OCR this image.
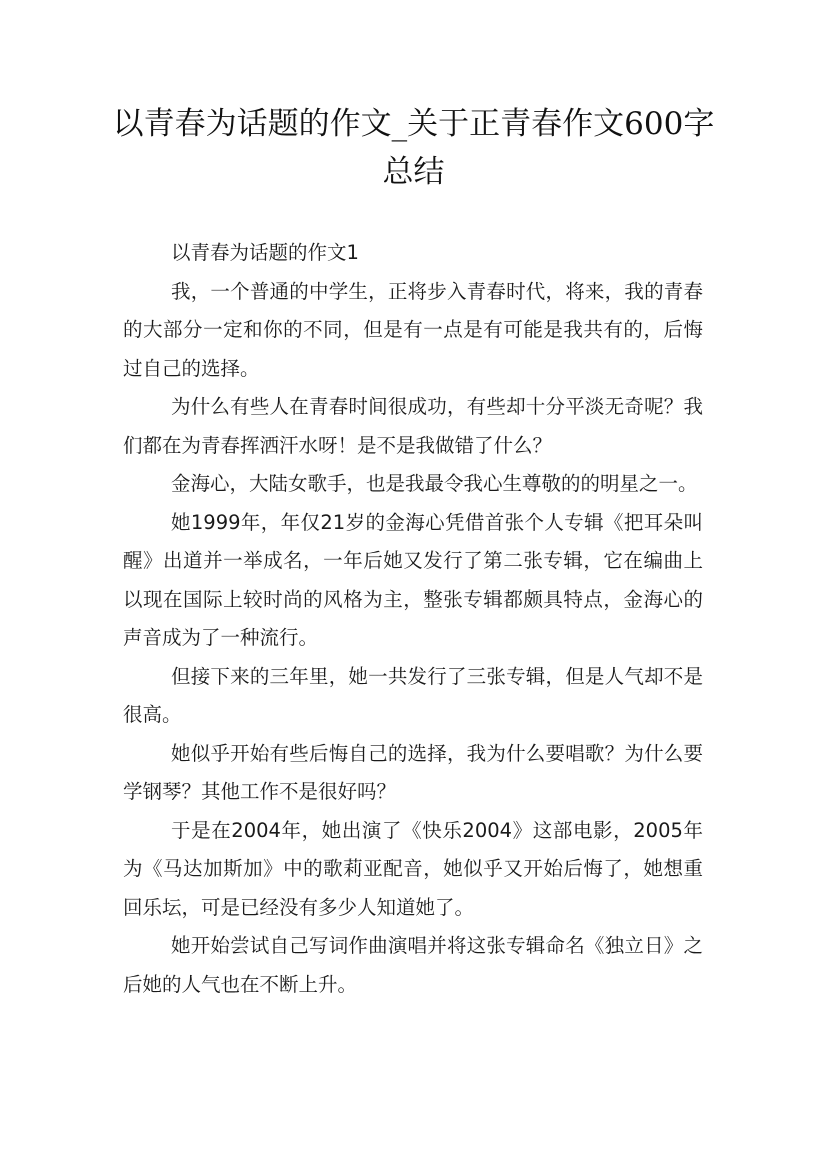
以青春为话题的作文_关于正青春作文600字总结

以青春为话题的作文1

我，一个普通的中学生，正将步入青春时代，将来，我的青春的大部分一定和你的不同，但是有一点是有可能是我共有的，后悔过自己的选择。

为什么有些人在青春时间很成功，有些却十分平淡无奇呢？我们都在为青春挥洒汗水呀！是不是我做错了什么？

金海心，大陆女歌手，也是我最令我心生尊敬的的明星之一。

她1999年，年仅21岁的金海心凭借首张个人专辑《把耳朵叫醒》出道并一举成名，一年后她又发行了第二张专辑，它在编曲上以现在国际上较时尚的风格为主，整张专辑都颇具特点，金海心的声音成为了一种流行。

但接下来的三年里，她一共发行了三张专辑，但是人气却不是很高。

她似乎开始有些后悔自己的选择，我为什么要唱歌？为什么要学钢琴？其他工作不是很好吗？

于是在2004年，她出演了《快乐2004》这部电影，2005年为《马达加斯加》中的歌莉亚配音，她似乎又开始后悔了，她想重回乐坛，可是已经没有多少人知道她了。

她开始尝试自己写词作曲演唱并将这张专辑命名《独立日》之后她的人气也在不断上升。
